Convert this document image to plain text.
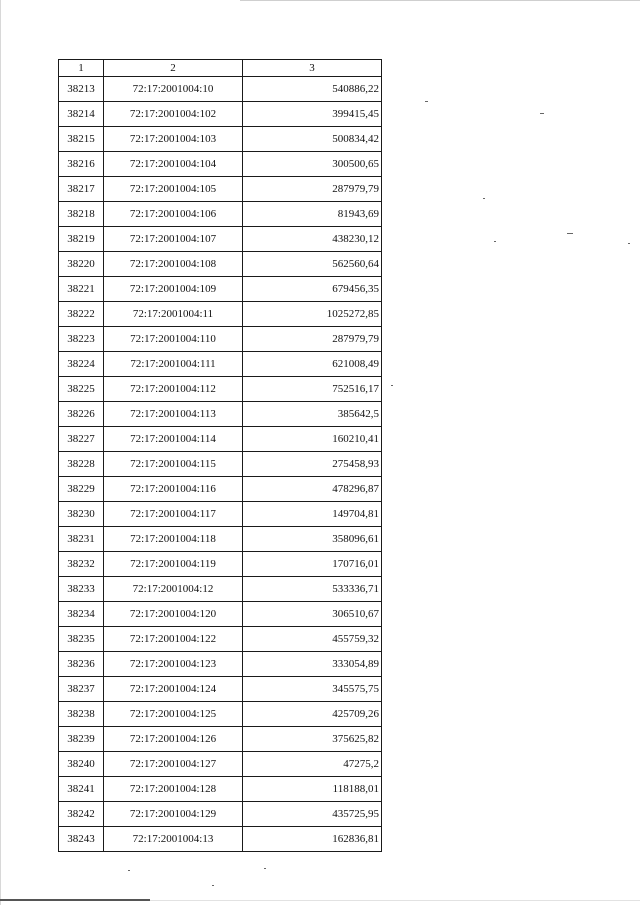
1	2	3
38213	72:17:2001004:10	540886,22
38214	72:17:2001004:102	399415,45
38215	72:17:2001004:103	500834,42
38216	72:17:2001004:104	300500,65
38217	72:17:2001004:105	287979,79
38218	72:17:2001004:106	81943,69
38219	72:17:2001004:107	438230,12
38220	72:17:2001004:108	562560,64
38221	72:17:2001004:109	679456,35
38222	72:17:2001004:11	1025272,85
38223	72:17:2001004:110	287979,79
38224	72:17:2001004:111	621008,49
38225	72:17:2001004:112	752516,17
38226	72:17:2001004:113	385642,5
38227	72:17:2001004:114	160210,41
38228	72:17:2001004:115	275458,93
38229	72:17:2001004:116	478296,87
38230	72:17:2001004:117	149704,81
38231	72:17:2001004:118	358096,61
38232	72:17:2001004:119	170716,01
38233	72:17:2001004:12	533336,71
38234	72:17:2001004:120	306510,67
38235	72:17:2001004:122	455759,32
38236	72:17:2001004:123	333054,89
38237	72:17:2001004:124	345575,75
38238	72:17:2001004:125	425709,26
38239	72:17:2001004:126	375625,82
38240	72:17:2001004:127	47275,2
38241	72:17:2001004:128	118188,01
38242	72:17:2001004:129	435725,95
38243	72:17:2001004:13	162836,81
